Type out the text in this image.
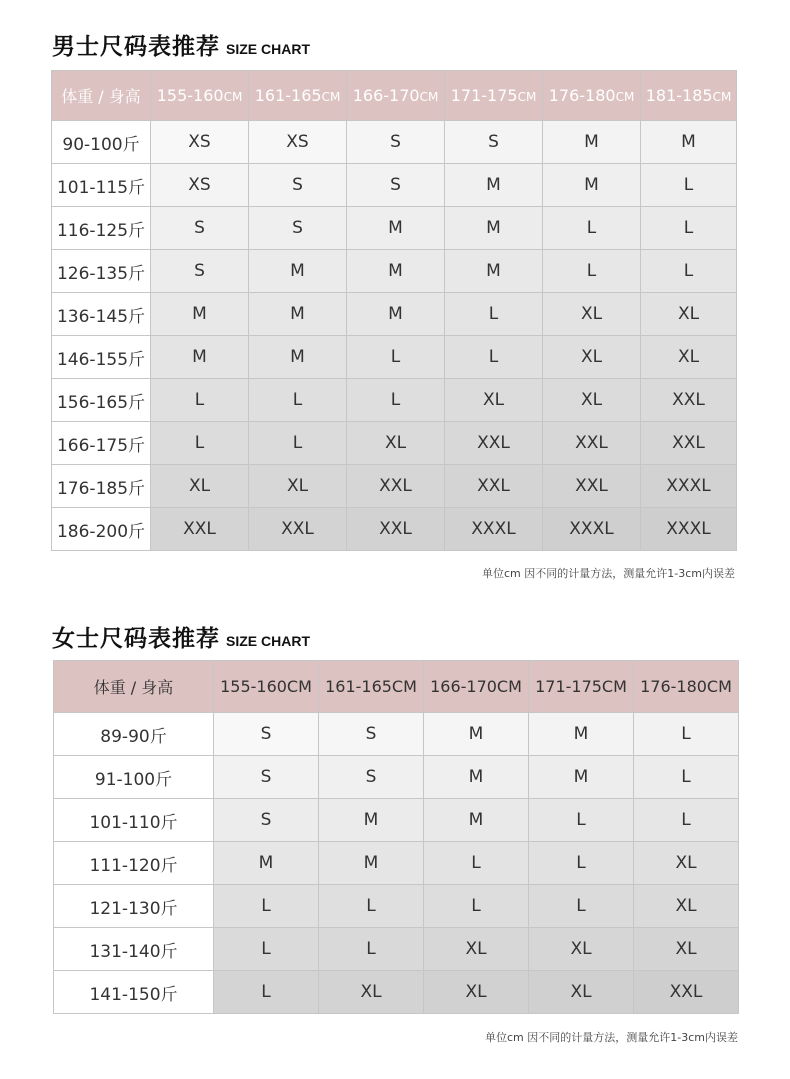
男士尺码表推荐 SIZE CHART
体重 / 身高	155-160CM	161-165CM	166-170CM	171-175CM	176-180CM	181-185CM
90-100斤	XS	XS	S	S	M	M
101-115斤	XS	S	S	M	M	L
116-125斤	S	S	M	M	L	L
126-135斤	S	M	M	M	L	L
136-145斤	M	M	M	L	XL	XL
146-155斤	M	M	L	L	XL	XL
156-165斤	L	L	L	XL	XL	XXL
166-175斤	L	L	XL	XXL	XXL	XXL
176-185斤	XL	XL	XXL	XXL	XXL	XXXL
186-200斤	XXL	XXL	XXL	XXXL	XXXL	XXXL
单位cm 因不同的计量方法，测量允许1-3cm内误差
女士尺码表推荐 SIZE CHART
体重 / 身高	155-160CM	161-165CM	166-170CM	171-175CM	176-180CM
89-90斤	S	S	M	M	L
91-100斤	S	S	M	M	L
101-110斤	S	M	M	L	L
111-120斤	M	M	L	L	XL
121-130斤	L	L	L	L	XL
131-140斤	L	L	XL	XL	XL
141-150斤	L	XL	XL	XL	XXL
单位cm 因不同的计量方法，测量允许1-3cm内误差
